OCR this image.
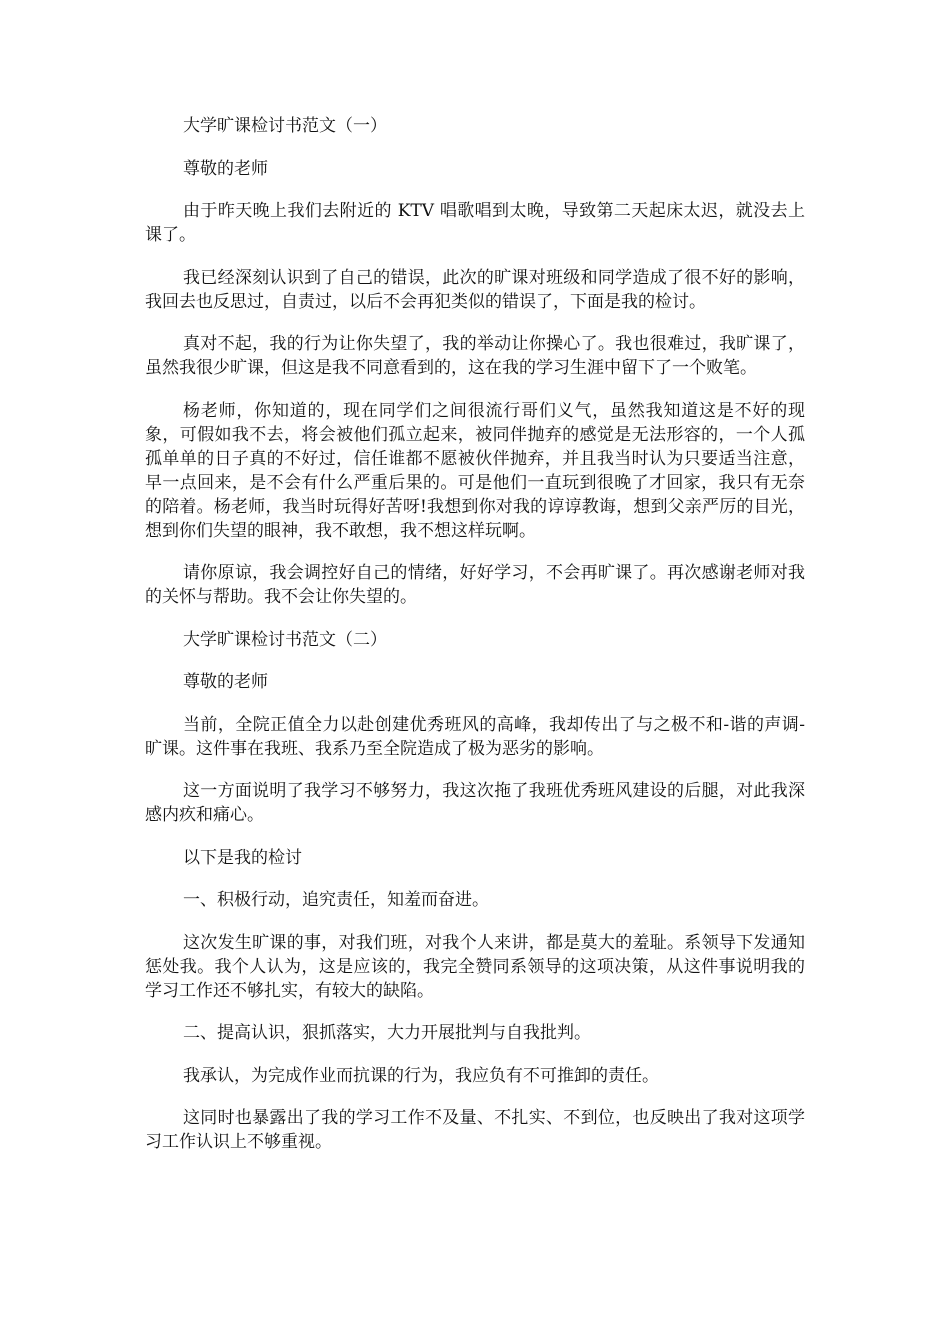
大学旷课检讨书范文（一）

尊敬的老师

由于昨天晚上我们去附近的 KTV 唱歌唱到太晚，导致第二天起床太迟，就没去上课了。

我已经深刻认识到了自己的错误，此次的旷课对班级和同学造成了很不好的影响，我回去也反思过，自责过，以后不会再犯类似的错误了，下面是我的检讨。

真对不起，我的行为让你失望了，我的举动让你操心了。我也很难过，我旷课了，虽然我很少旷课，但这是我不同意看到的，这在我的学习生涯中留下了一个败笔。

杨老师，你知道的，现在同学们之间很流行哥们义气，虽然我知道这是不好的现象，可假如我不去，将会被他们孤立起来，被同伴抛弃的感觉是无法形容的，一个人孤孤单单的日子真的不好过，信任谁都不愿被伙伴抛弃，并且我当时认为只要适当注意，早一点回来，是不会有什么严重后果的。可是他们一直玩到很晚了才回家，我只有无奈的陪着。杨老师，我当时玩得好苦呀!我想到你对我的谆谆教诲，想到父亲严厉的目光，想到你们失望的眼神，我不敢想，我不想这样玩啊。

请你原谅，我会调控好自己的情绪，好好学习，不会再旷课了。再次感谢老师对我的关怀与帮助。我不会让你失望的。

大学旷课检讨书范文（二）

尊敬的老师

当前，全院正值全力以赴创建优秀班风的高峰，我却传出了与之极不和-谐的声调-旷课。这件事在我班、我系乃至全院造成了极为恶劣的影响。

这一方面说明了我学习不够努力，我这次拖了我班优秀班风建设的后腿，对此我深感内疚和痛心。

以下是我的检讨

一、积极行动，追究责任，知羞而奋进。

这次发生旷课的事，对我们班，对我个人来讲，都是莫大的羞耻。系领导下发通知惩处我。我个人认为，这是应该的，我完全赞同系领导的这项决策，从这件事说明我的学习工作还不够扎实，有较大的缺陷。

二、提高认识，狠抓落实，大力开展批判与自我批判。

我承认，为完成作业而抗课的行为，我应负有不可推卸的责任。

这同时也暴露出了我的学习工作不及量、不扎实、不到位，也反映出了我对这项学习工作认识上不够重视。
